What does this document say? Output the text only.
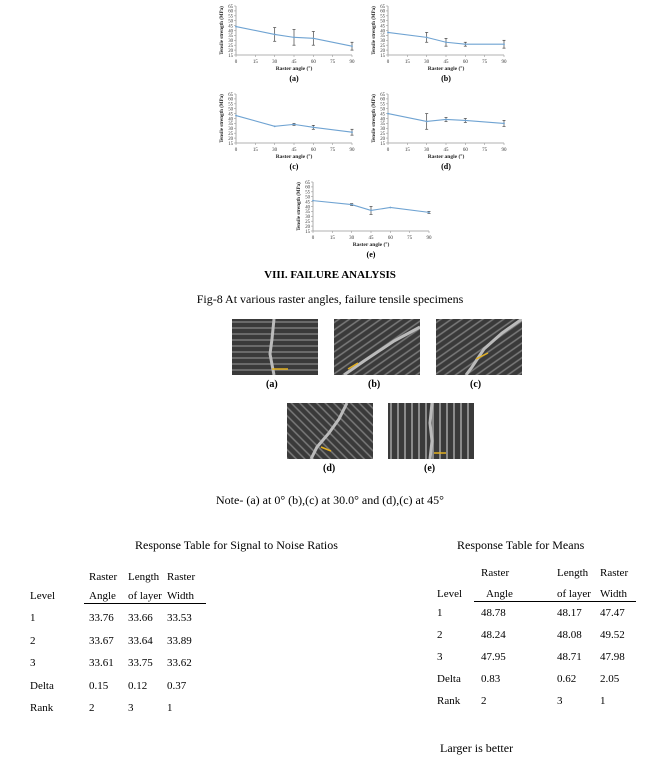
15
20
25
30
35
40
45
50
55
60
65
0	15	30	45	60	75	90
Raster angle (°)
Tensile strength (MPa)
(a)
15
20
25
30
35
40
45
50
55
60
65
0	15	30	45	60	75	90
Raster angle (°)
Tensile strength (MPa)
(b)
15
20
25
30
35
40
45
50
55
60
65
0	15	30	45	60	75	90
Raster angle (°)
Tensile strength (MPa)
(c)
15
20
25
30
35
40
45
50
55
60
65
0	15	30	45	60	75	90
Raster angle (°)
Tensile strength (MPa)
(d)
15
20
25
30
35
40
45
50
55
60
65
0	15	30	45	60	75	90
Raster angle (°)
Tensile strength (MPa)
(e)
VIII. FAILURE ANALYSIS
Fig-8 At various raster angles, failure tensile specimens
(a)	(b)	(c)
(d)	(e)
Note- (a) at 0° (b),(c) at 30.0° and (d),(c) at 45°
Response Table for Signal to Noise Ratios
Raster Length Raster
Level	Angle of layer Width
1	33.76 33.66 33.53
2	33.67 33.64 33.89
3	33.61 33.75 33.62
Delta	0.15 0.12 0.37
Rank	2	3	1
Response Table for Means
Raster	Length Raster
Level Angle	of layer Width
1	48.78	48.17 47.47
2	48.24	48.08 49.52
3	47.95	48.71 47.98
Delta 0.83	0.62 2.05
Rank 2	3	1
Larger is better
